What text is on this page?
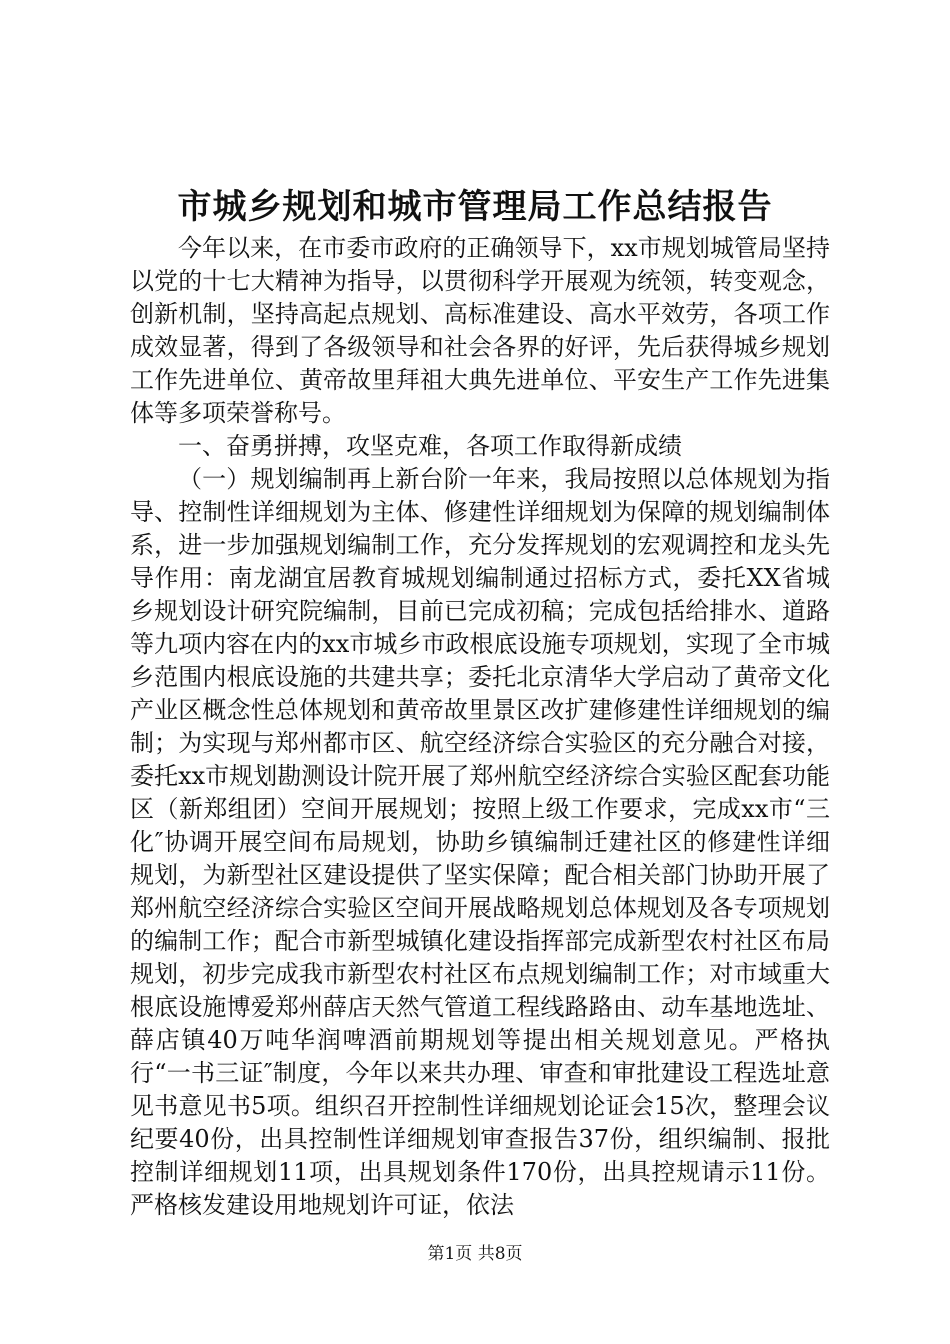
市城乡规划和城市管理局工作总结报告

今年以来，在市委市政府的正确领导下，xx市规划城管局坚持以党的十七大精神为指导，以贯彻科学开展观为统领，转变观念，创新机制，坚持高起点规划、高标准建设、高水平效劳，各项工作成效显著，得到了各级领导和社会各界的好评，先后获得城乡规划工作先进单位、黄帝故里拜祖大典先进单位、平安生产工作先进集体等多项荣誉称号。

一、奋勇拼搏，攻坚克难，各项工作取得新成绩

（一）规划编制再上新台阶一年来，我局按照以总体规划为指导、控制性详细规划为主体、修建性详细规划为保障的规划编制体系，进一步加强规划编制工作，充分发挥规划的宏观调控和龙头先导作用：南龙湖宜居教育城规划编制通过招标方式，委托XX省城乡规划设计研究院编制，目前已完成初稿；完成包括给排水、道路等九项内容在内的xx市城乡市政根底设施专项规划，实现了全市城乡范围内根底设施的共建共享；委托北京清华大学启动了黄帝文化产业区概念性总体规划和黄帝故里景区改扩建修建性详细规划的编制；为实现与郑州都市区、航空经济综合实验区的充分融合对接，委托xx市规划勘测设计院开展了郑州航空经济综合实验区配套功能区（新郑组团）空间开展规划；按照上级工作要求，完成xx市“三化″协调开展空间布局规划，协助乡镇编制迁建社区的修建性详细规划，为新型社区建设提供了坚实保障；配合相关部门协助开展了郑州航空经济综合实验区空间开展战略规划总体规划及各专项规划的编制工作；配合市新型城镇化建设指挥部完成新型农村社区布局规划，初步完成我市新型农村社区布点规划编制工作；对市域重大根底设施博爱郑州薛店天然气管道工程线路路由、动车基地选址、薛店镇40万吨华润啤酒前期规划等提出相关规划意见。严格执行“一书三证″制度，今年以来共办理、审查和审批建设工程选址意见书意见书5项。组织召开控制性详细规划论证会15次，整理会议纪要40份，出具控制性详细规划审查报告37份，组织编制、报批控制详细规划11项，出具规划条件170份，出具控规请示11份。严格核发建设用地规划许可证，依法

第1页 共8页
